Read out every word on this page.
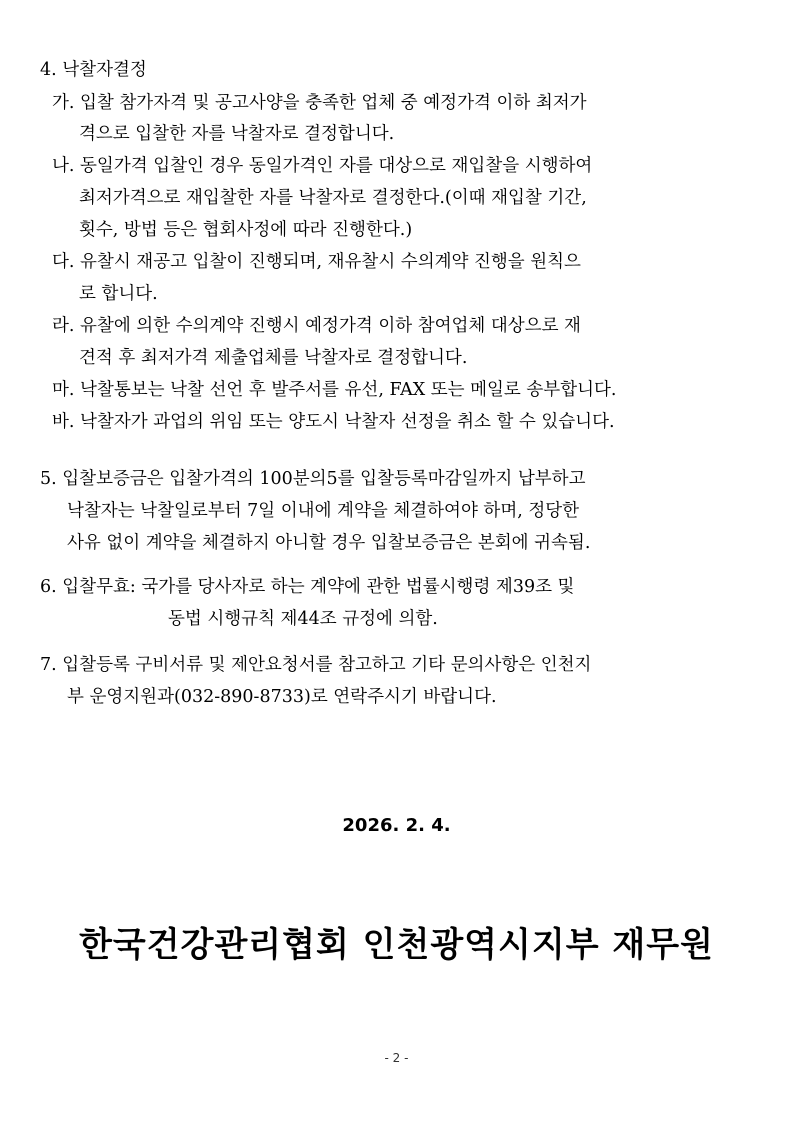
4. 낙찰자결정
가. 입찰 참가자격 및 공고사양을 충족한 업체 중 예정가격 이하 최저가
격으로 입찰한 자를 낙찰자로 결정합니다.
나. 동일가격 입찰인 경우 동일가격인 자를 대상으로 재입찰을 시행하여
최저가격으로 재입찰한 자를 낙찰자로 결정한다.(이때 재입찰 기간,
횟수, 방법 등은 협회사정에 따라 진행한다.)
다. 유찰시 재공고 입찰이 진행되며, 재유찰시 수의계약 진행을 원칙으
로 합니다.
라. 유찰에 의한 수의계약 진행시 예정가격 이하 참여업체 대상으로 재
견적 후 최저가격 제출업체를 낙찰자로 결정합니다.
마. 낙찰통보는 낙찰 선언 후 발주서를 유선, FAX 또는 메일로 송부합니다.
바. 낙찰자가 과업의 위임 또는 양도시 낙찰자 선정을 취소 할 수 있습니다.
5. 입찰보증금은 입찰가격의 100분의5를 입찰등록마감일까지 납부하고
낙찰자는 낙찰일로부터 7일 이내에 계약을 체결하여야 하며, 정당한
사유 없이 계약을 체결하지 아니할 경우 입찰보증금은 본회에 귀속됨.
6. 입찰무효: 국가를 당사자로 하는 계약에 관한 법률시행령 제39조 및
동법 시행규칙 제44조 규정에 의함.
7. 입찰등록 구비서류 및 제안요청서를 참고하고 기타 문의사항은 인천지
부 운영지원과(032-890-8733)로 연락주시기 바랍니다.
2026. 2. 4.
한국건강관리협회 인천광역시지부 재무원
- 2 -
